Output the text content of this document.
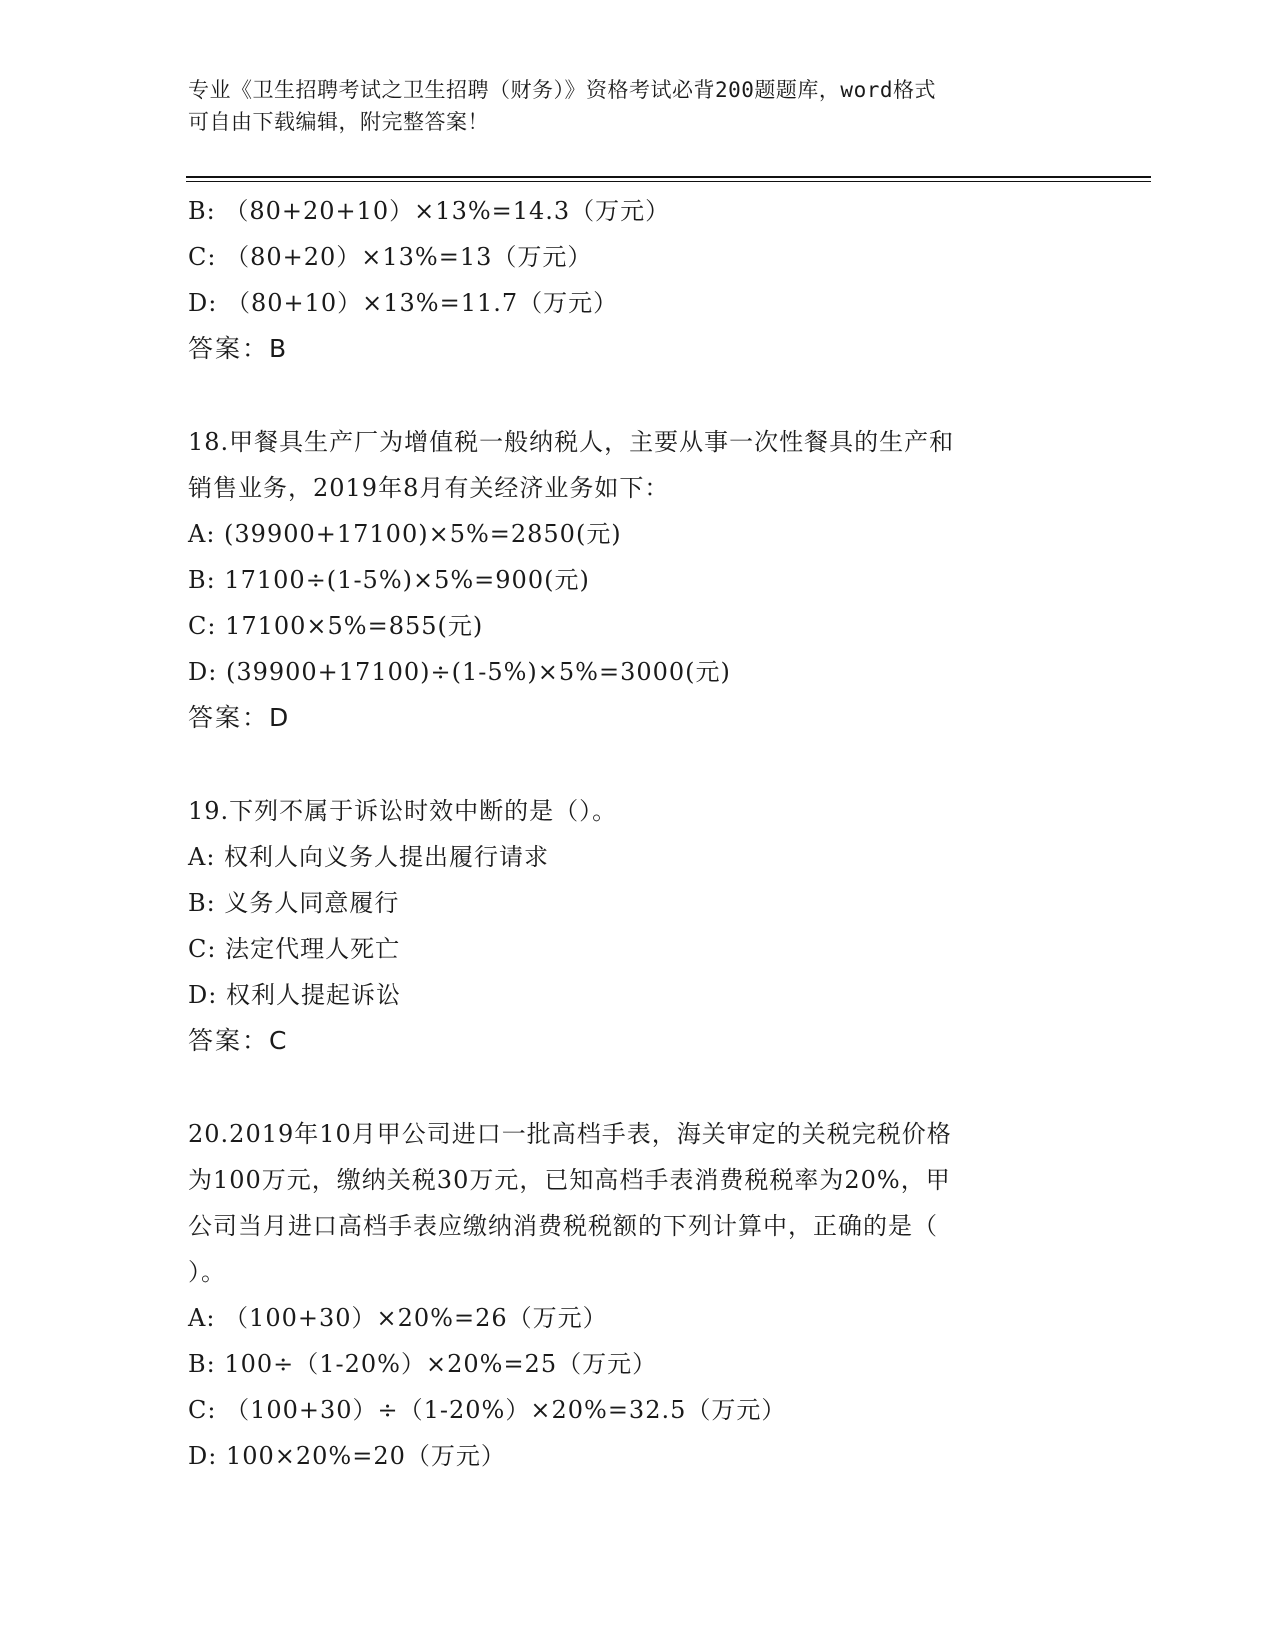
专业《卫生招聘考试之卫生招聘（财务）》资格考试必背200题题库，word格式
可自由下载编辑，附完整答案！
B: （80+20+10）×13%=14.3（万元）
C: （80+20）×13%=13（万元）
D: （80+10）×13%=11.7（万元）
答案：B
18.甲餐具生产厂为增值税一般纳税人，主要从事一次性餐具的生产和
销售业务，2019年8月有关经济业务如下：
A: (39900+17100)×5%=2850(元)
B: 17100÷(1-5%)×5%=900(元)
C: 17100×5%=855(元)
D: (39900+17100)÷(1-5%)×5%=3000(元)
答案：D
19.下列不属于诉讼时效中断的是（）。
A: 权利人向义务人提出履行请求
B: 义务人同意履行
C: 法定代理人死亡
D: 权利人提起诉讼
答案：C
20.2019年10月甲公司进口一批高档手表，海关审定的关税完税价格
为100万元，缴纳关税30万元，已知高档手表消费税税率为20%，甲
公司当月进口高档手表应缴纳消费税税额的下列计算中，正确的是（
）。
A: （100+30）×20%=26（万元）
B: 100÷（1-20%）×20%=25（万元）
C: （100+30）÷（1-20%）×20%=32.5（万元）
D: 100×20%=20（万元）
